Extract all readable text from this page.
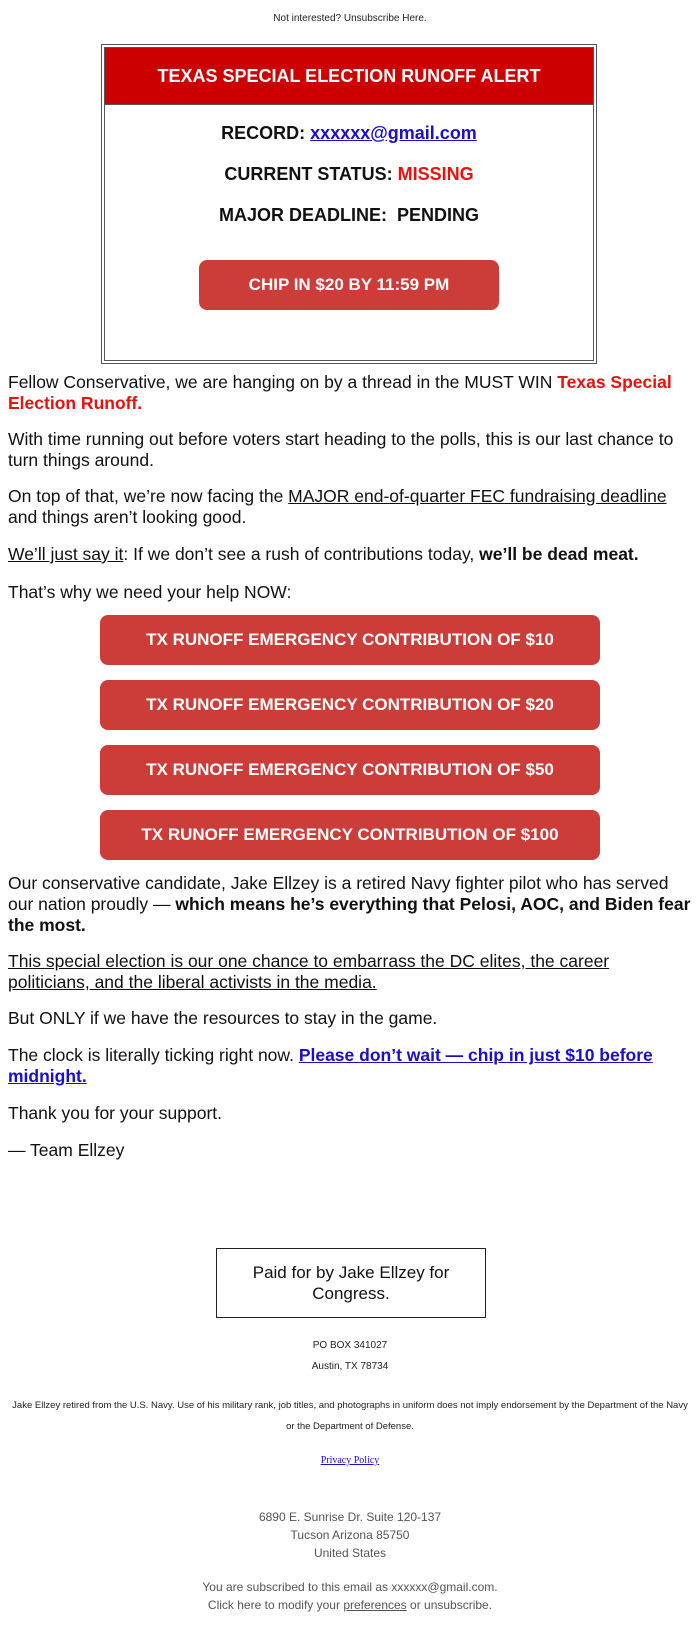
Not interested? Unsubscribe Here.
TEXAS SPECIAL ELECTION RUNOFF ALERT
RECORD: xxxxxx@gmail.com
CURRENT STATUS: MISSING
MAJOR DEADLINE:  PENDING
CHIP IN $20 BY 11:59 PM

Fellow Conservative, we are hanging on by a thread in the MUST WIN Texas Special Election Runoff.

With time running out before voters start heading to the polls, this is our last chance to turn things around.

On top of that, we’re now facing the MAJOR end-of-quarter FEC fundraising deadline and things aren’t looking good.

We’ll just say it: If we don’t see a rush of contributions today, we’ll be dead meat.

That’s why we need your help NOW:

TX RUNOFF EMERGENCY CONTRIBUTION OF $10
TX RUNOFF EMERGENCY CONTRIBUTION OF $20
TX RUNOFF EMERGENCY CONTRIBUTION OF $50
TX RUNOFF EMERGENCY CONTRIBUTION OF $100

Our conservative candidate, Jake Ellzey is a retired Navy fighter pilot who has served our nation proudly — which means he’s everything that Pelosi, AOC, and Biden fear the most.

This special election is our one chance to embarrass the DC elites, the career politicians, and the liberal activists in the media.

But ONLY if we have the resources to stay in the game.

The clock is literally ticking right now. Please don’t wait — chip in just $10 before midnight.

Thank you for your support.

— Team Ellzey

Paid for by Jake Ellzey for Congress.
PO BOX 341027
Austin, TX 78734
Jake Ellzey retired from the U.S. Navy. Use of his military rank, job titles, and photographs in uniform does not imply endorsement by the Department of the Navy or the Department of Defense.
Privacy Policy
6890 E. Sunrise Dr. Suite 120-137
Tucson Arizona 85750
United States
You are subscribed to this email as xxxxxx@gmail.com.
Click here to modify your preferences or unsubscribe.
